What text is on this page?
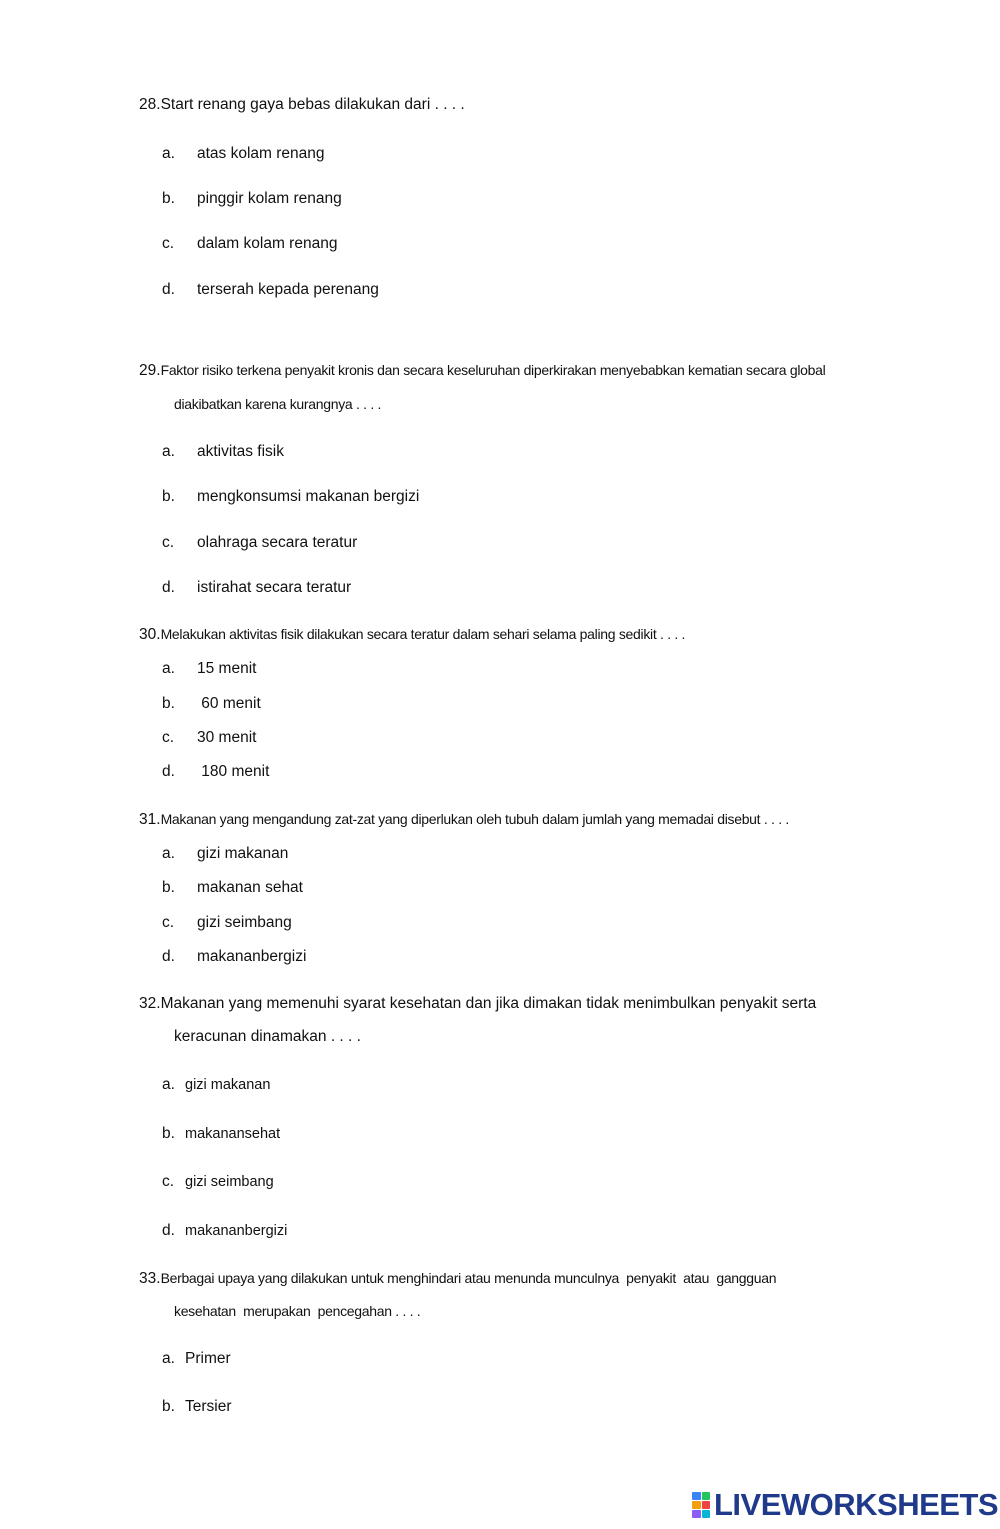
28.Start renang gaya bebas dilakukan dari . . . .
a. atas kolam renang
b. pinggir kolam renang
c. dalam kolam renang
d. terserah kepada perenang
29.Faktor risiko terkena penyakit kronis dan secara keseluruhan diperkirakan menyebabkan kematian secara global
diakibatkan karena kurangnya . . . .
a. aktivitas fisik
b. mengkonsumsi makanan bergizi
c. olahraga secara teratur
d. istirahat secara teratur
30.Melakukan aktivitas fisik dilakukan secara teratur dalam sehari selama paling sedikit . . . .
a. 15 menit
b. 60 menit
c. 30 menit
d. 180 menit
31.Makanan yang mengandung zat-zat yang diperlukan oleh tubuh dalam jumlah yang memadai disebut . . . .
a. gizi makanan
b. makanan sehat
c. gizi seimbang
d. makananbergizi
32.Makanan yang memenuhi syarat kesehatan dan jika dimakan tidak menimbulkan penyakit serta
keracunan dinamakan . . . .
a. gizi makanan
b. makanansehat
c. gizi seimbang
d. makananbergizi
33.Berbagai upaya yang dilakukan untuk menghindari atau menunda munculnya  penyakit  atau  gangguan
kesehatan  merupakan  pencegahan . . . .
a. Primer
b. Tersier
LIVEWORKSHEETS
